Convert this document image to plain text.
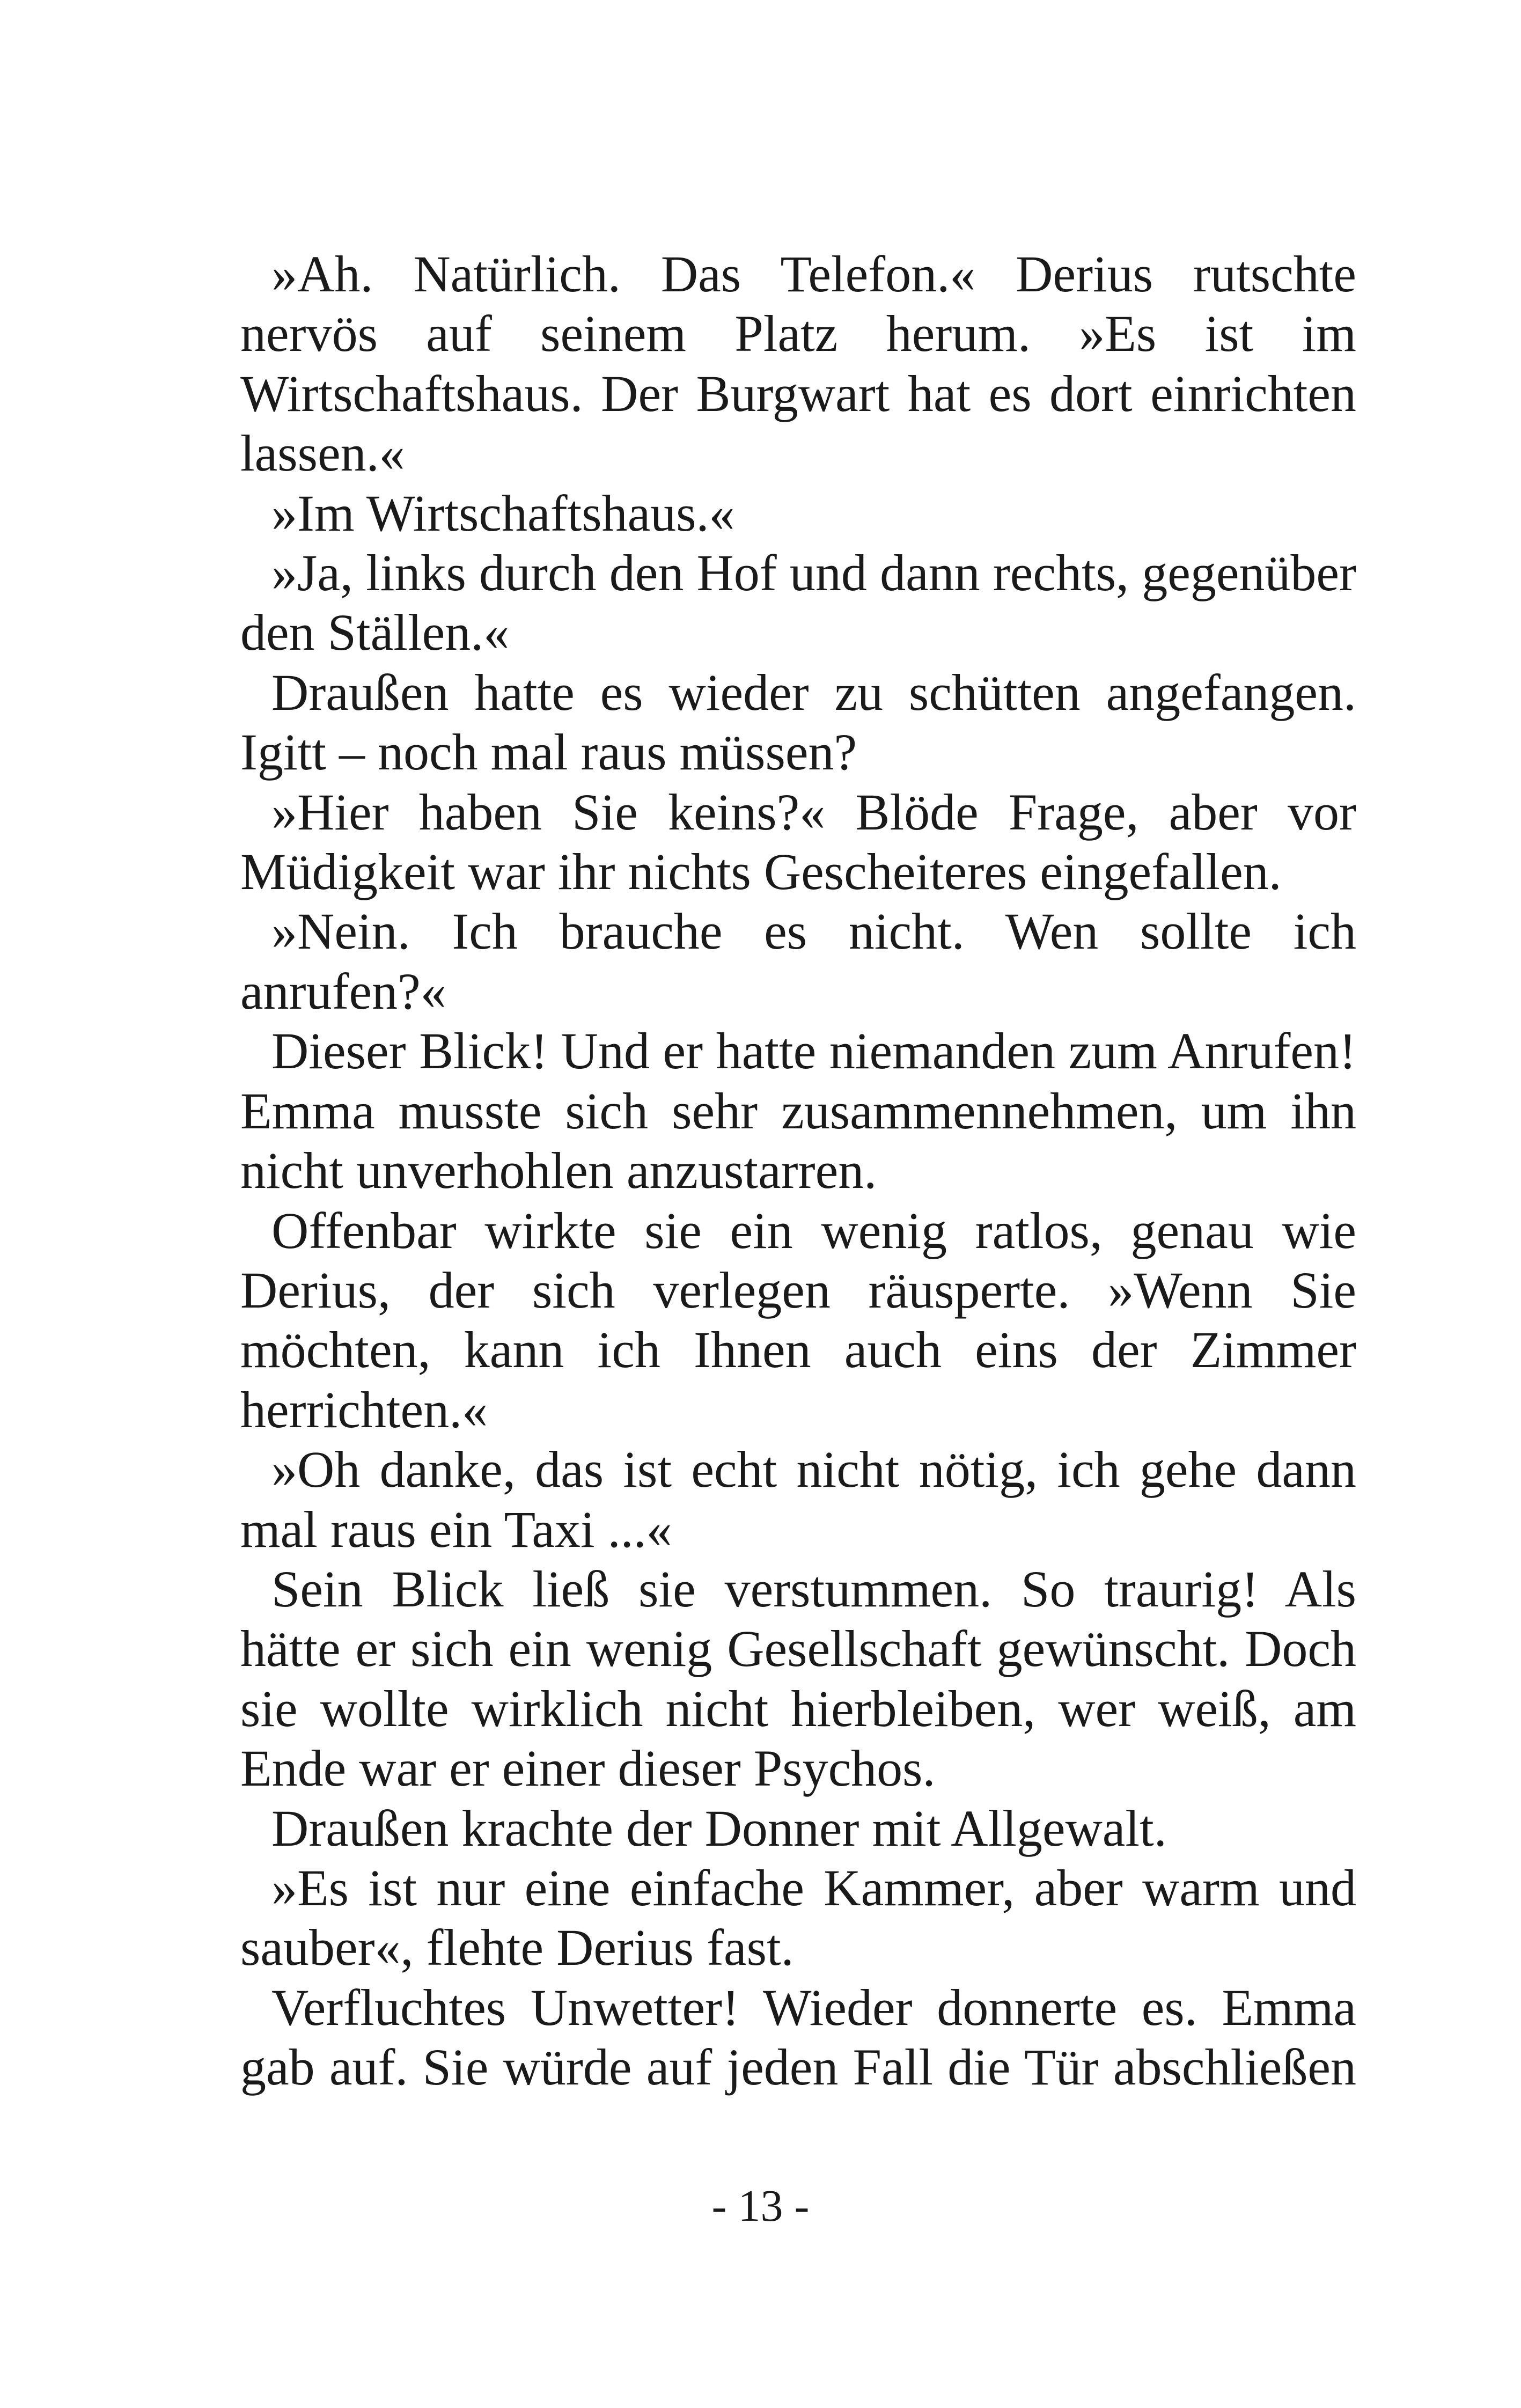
»Ah. Natürlich. Das Telefon.« Derius rutschte nervös auf seinem Platz herum. »Es ist im Wirtschaftshaus. Der Burgwart hat es dort einrichten lassen.«

»Im Wirtschaftshaus.«

»Ja, links durch den Hof und dann rechts, gegenüber den Ställen.«

Draußen hatte es wieder zu schütten angefangen. Igitt – noch mal raus müssen?

»Hier haben Sie keins?« Blöde Frage, aber vor Müdigkeit war ihr nichts Gescheiteres eingefallen.

»Nein. Ich brauche es nicht. Wen sollte ich anrufen?«

Dieser Blick! Und er hatte niemanden zum Anrufen! Emma musste sich sehr zusammennehmen, um ihn nicht unverhohlen anzustarren.

Offenbar wirkte sie ein wenig ratlos, genau wie Derius, der sich verlegen räusperte. »Wenn Sie möchten, kann ich Ihnen auch eins der Zimmer herrichten.«

»Oh danke, das ist echt nicht nötig, ich gehe dann mal raus ein Taxi ...«

Sein Blick ließ sie verstummen. So traurig! Als hätte er sich ein wenig Gesellschaft gewünscht. Doch sie wollte wirklich nicht hierbleiben, wer weiß, am Ende war er einer dieser Psychos.

Draußen krachte der Donner mit Allgewalt.

»Es ist nur eine einfache Kammer, aber warm und sauber«, flehte Derius fast.

Verfluchtes Unwetter! Wieder donnerte es. Emma gab auf. Sie würde auf jeden Fall die Tür abschließen

- 13 -
